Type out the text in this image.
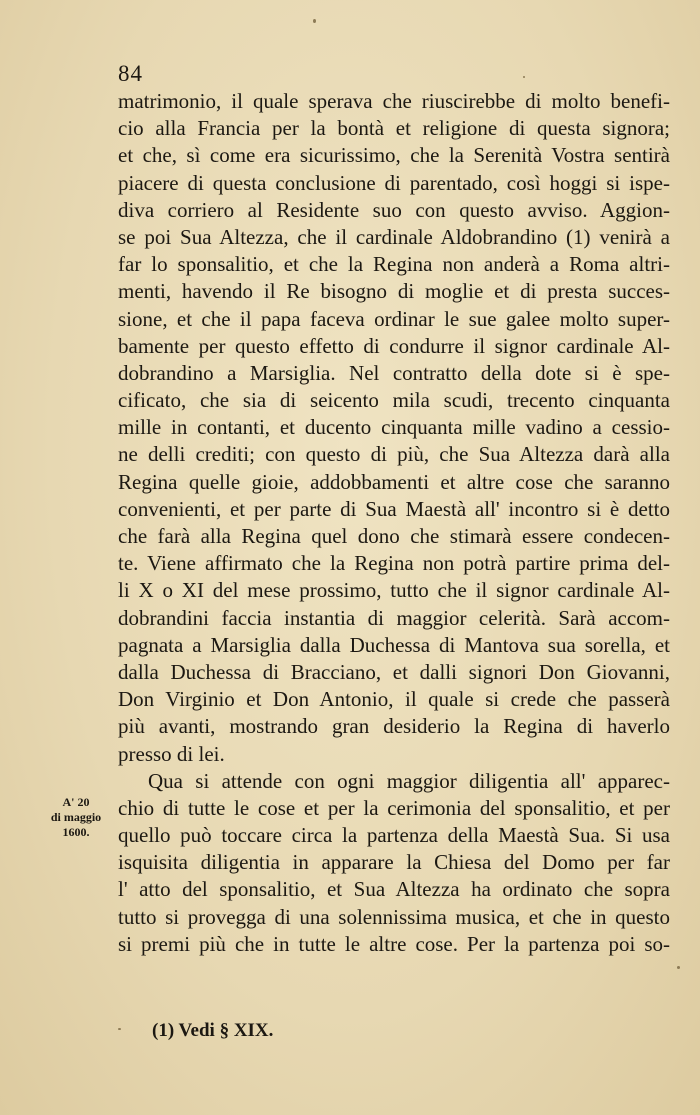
84
matrimonio, il quale sperava che riuscirebbe di molto benefi-
cio alla Francia per la bontà et religione di questa signora;
et che, sì come era sicurissimo, che la Serenità Vostra sentirà
piacere di questa conclusione di parentado, così hoggi si ispe-
diva corriero al Residente suo con questo avviso. Aggion-
se poi Sua Altezza, che il cardinale Aldobrandino (1) venirà a
far lo sponsalitio, et che la Regina non anderà a Roma altri-
menti, havendo il Re bisogno di moglie et di presta succes-
sione, et che il papa faceva ordinar le sue galee molto super-
bamente per questo effetto di condurre il signor cardinale Al-
dobrandino a Marsiglia. Nel contratto della dote si è spe-
cificato, che sia di seicento mila scudi, trecento cinquanta
mille in contanti, et ducento cinquanta mille vadino a cessio-
ne delli crediti; con questo di più, che Sua Altezza darà alla
Regina quelle gioie, addobbamenti et altre cose che saranno
convenienti, et per parte di Sua Maestà all' incontro si è detto
che farà alla Regina quel dono che stimarà essere condecen-
te. Viene affirmato che la Regina non potrà partire prima del-
li X o XI del mese prossimo, tutto che il signor cardinale Al-
dobrandini faccia instantia di maggior celerità. Sarà accom-
pagnata a Marsiglia dalla Duchessa di Mantova sua sorella, et
dalla Duchessa di Bracciano, et dalli signori Don Giovanni,
Don Virginio et Don Antonio, il quale si crede che passerà
più avanti, mostrando gran desiderio la Regina di haverlo
presso di lei.
Qua si attende con ogni maggior diligentia all' apparec-
chio di tutte le cose et per la cerimonia del sponsalitio, et per
quello può toccare circa la partenza della Maestà Sua. Si usa
isquisita diligentia in apparare la Chiesa del Domo per far
l' atto del sponsalitio, et Sua Altezza ha ordinato che sopra
tutto si provegga di una solennissima musica, et che in questo
si premi più che in tutte le altre cose. Per la partenza poi so-
A' 20
di maggio
1600.
(1) Vedi § XIX.
